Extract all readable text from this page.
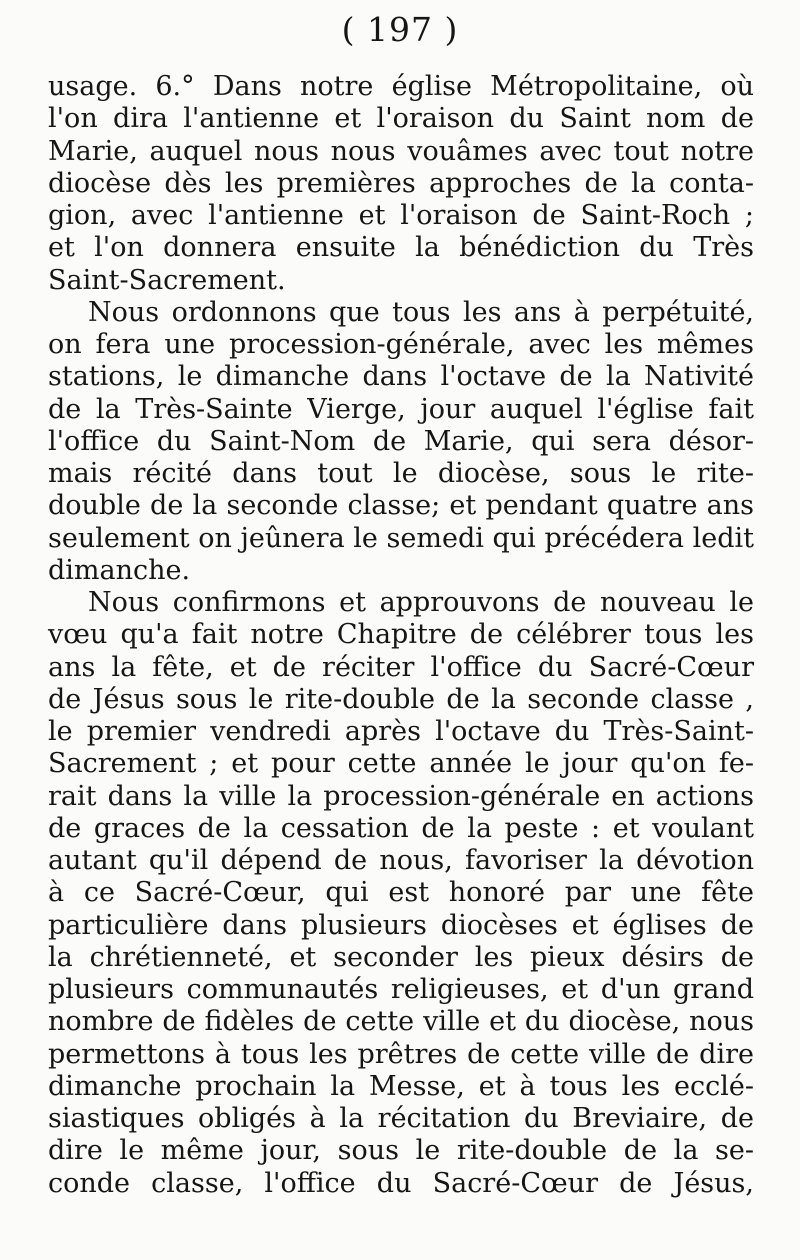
( 197 )
usage. 6.° Dans notre église Métropolitaine, où
l'on dira l'antienne et l'oraison du Saint nom de
Marie, auquel nous nous vouâmes avec tout notre
diocèse dès les premières approches de la conta-
gion, avec l'antienne et l'oraison de Saint-Roch ;
et l'on donnera ensuite la bénédiction du Très
Saint-Sacrement.
Nous ordonnons que tous les ans à perpétuité,
on fera une procession-générale, avec les mêmes
stations, le dimanche dans l'octave de la Nativité
de la Très-Sainte Vierge, jour auquel l'église fait
l'office du Saint-Nom de Marie, qui sera désor-
mais récité dans tout le diocèse, sous le rite-
double de la seconde classe; et pendant quatre ans
seulement on jeûnera le semedi qui précédera ledit
dimanche.
Nous confirmons et approuvons de nouveau le
vœu qu'a fait notre Chapitre de célébrer tous les
ans la fête, et de réciter l'office du Sacré-Cœur
de Jésus sous le rite-double de la seconde classe ,
le premier vendredi après l'octave du Très-Saint-
Sacrement ; et pour cette année le jour qu'on fe-
rait dans la ville la procession-générale en actions
de graces de la cessation de la peste : et voulant
autant qu'il dépend de nous, favoriser la dévotion
à ce Sacré-Cœur, qui est honoré par une fête
particulière dans plusieurs diocèses et églises de
la chrétienneté, et seconder les pieux désirs de
plusieurs communautés religieuses, et d'un grand
nombre de fidèles de cette ville et du diocèse, nous
permettons à tous les prêtres de cette ville de dire
dimanche prochain la Messe, et à tous les ecclé-
siastiques obligés à la récitation du Breviaire, de
dire le même jour, sous le rite-double de la se-
conde classe, l'office du Sacré-Cœur de Jésus,
